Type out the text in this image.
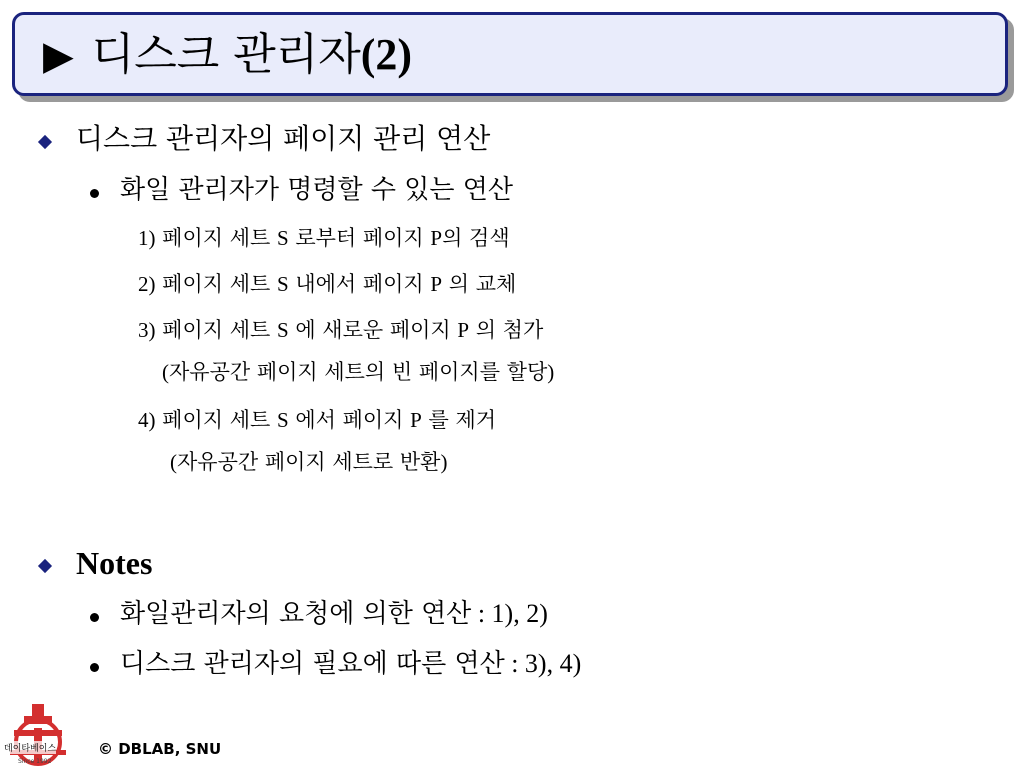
▶ 디스크 관리자(2)
디스크 관리자의 페이지 관리 연산
화일 관리자가 명령할 수 있는 연산
1) 페이지 세트 S 로부터 페이지 P의 검색
2) 페이지 세트 S 내에서 페이지 P 의 교체
3) 페이지 세트 S 에 새로운 페이지 P 의 첨가
(자유공간 페이지 세트의 빈 페이지를 할당)
4) 페이지 세트 S 에서 페이지 P 를 제거
(자유공간 페이지 세트로 반환)
Notes
화일관리자의 요청에 의한 연산 : 1), 2)
디스크 관리자의 필요에 따른 연산 : 3), 4)
데이타베이스
Since 1992
© DBLAB, SNU
